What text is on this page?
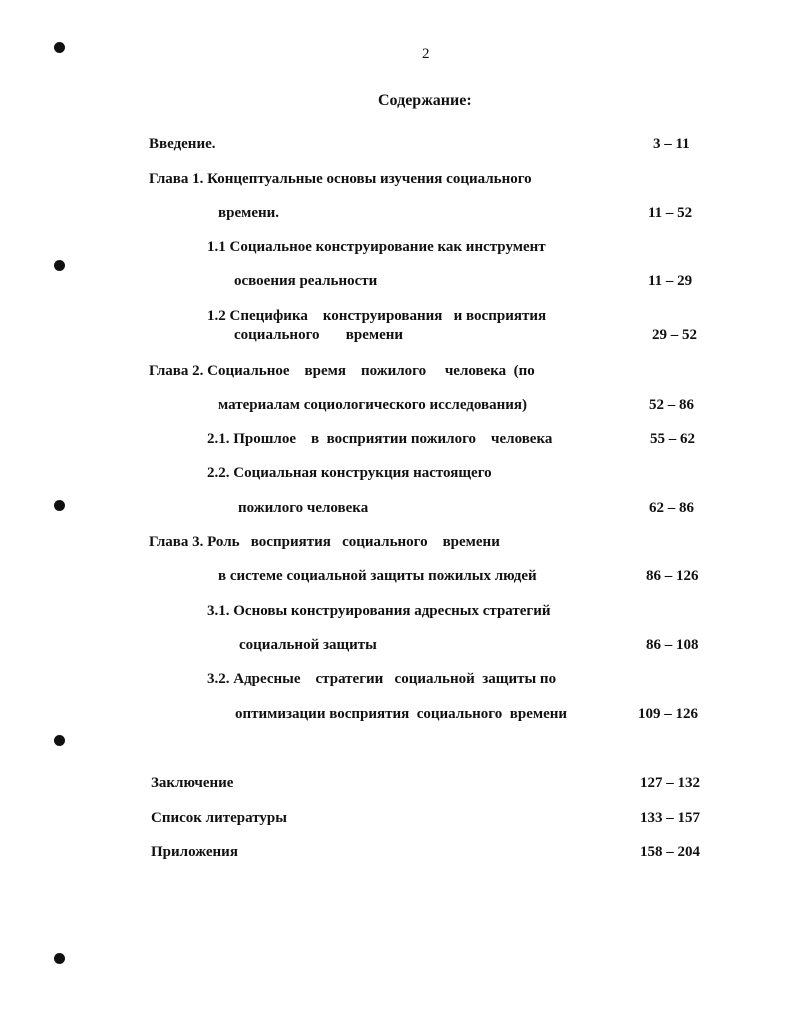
2
Содержание:
Введение.	3 – 11
Глава 1. Концептуальные основы изучения социального
времени.	11 – 52
1.1 Социальное конструирование как инструмент
освоения реальности	11 – 29
1.2 Специфика    конструирования   и восприятия
социального       времени	29 – 52
Глава 2. Социальное    время    пожилого     человека  (по
материалам социологического исследования)	52 – 86
2.1. Прошлое    в  восприятии пожилого    человека	55 – 62
2.2. Социальная конструкция настоящего
пожилого человека	62 – 86
Глава 3. Роль   восприятия   социального    времени
в системе социальной защиты пожилых людей	86 – 126
3.1. Основы конструирования адресных стратегий
социальной защиты	86 – 108
3.2. Адресные    стратегии   социальной  защиты по
оптимизации восприятия  социального  времени	109 – 126
Заключение	127 – 132
Список литературы	133 – 157
Приложения	158 – 204
